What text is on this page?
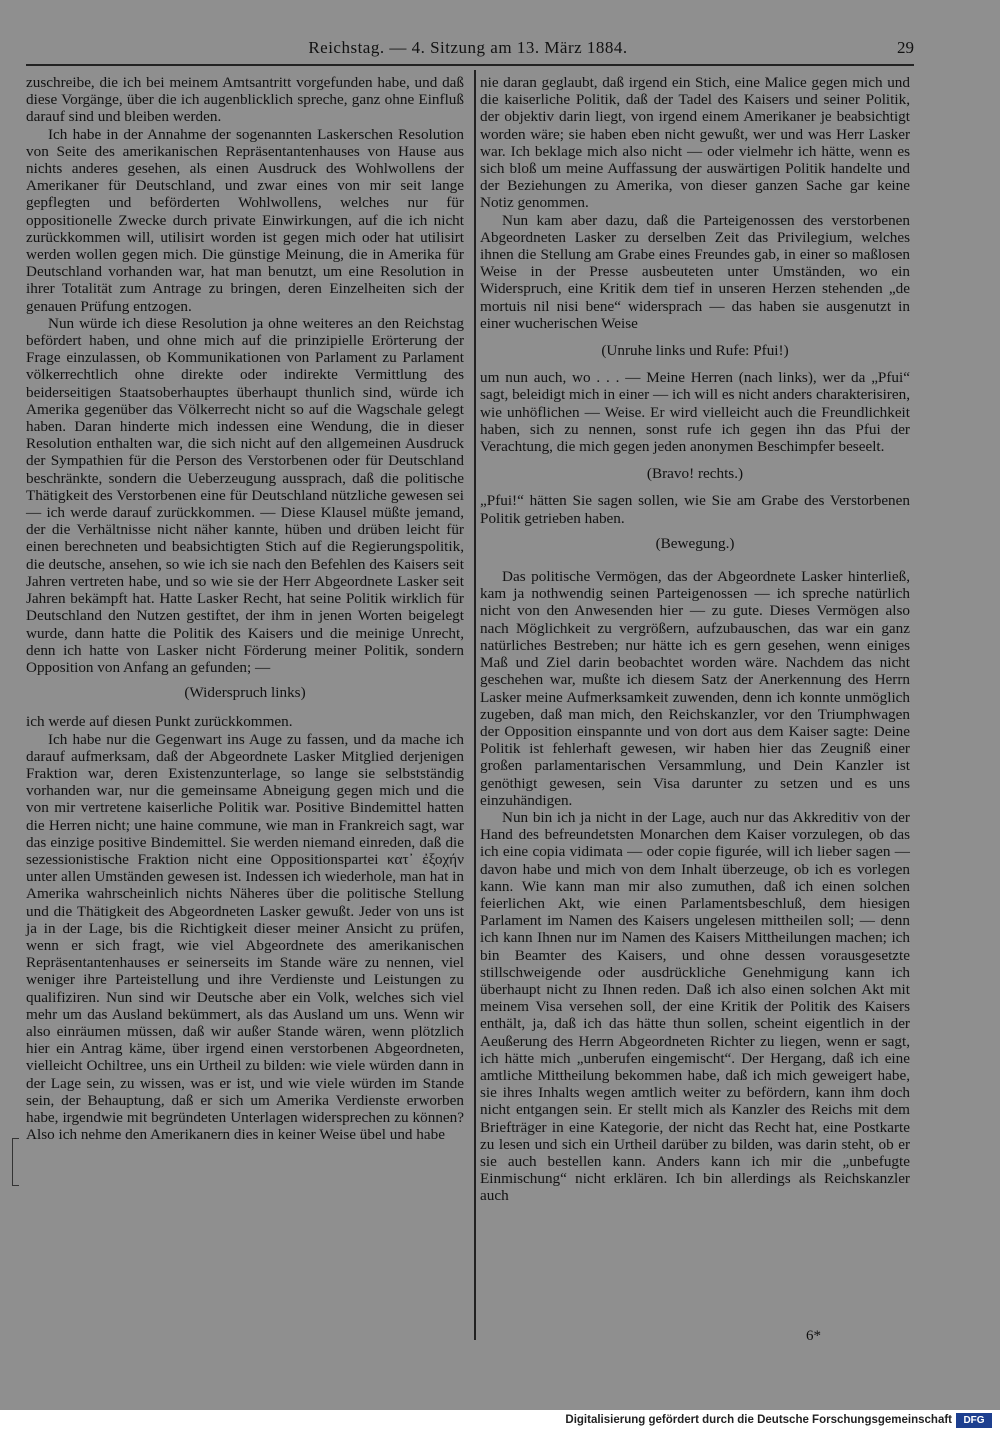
Reichstag. — 4. Sitzung am 13. März 1884.	29

zuschreibe, die ich bei meinem Amtsantritt vorgefunden habe, und daß diese Vorgänge, über die ich augenblicklich spreche, ganz ohne Einfluß darauf sind und bleiben werden.

Ich habe in der Annahme der sogenannten Laskerschen Resolution von Seite des amerikanischen Repräsentantenhauses von Hause aus nichts anderes gesehen, als einen Ausdruck des Wohlwollens der Amerikaner für Deutschland, und zwar eines von mir seit lange gepflegten und beförderten Wohlwollens, welches nur für oppositionelle Zwecke durch private Einwirkungen, auf die ich nicht zurückkommen will, utilisirt worden ist gegen mich oder hat utilisirt werden wollen gegen mich. Die günstige Meinung, die in Amerika für Deutschland vorhanden war, hat man benutzt, um eine Resolution in ihrer Totalität zum Antrage zu bringen, deren Einzelheiten sich der genauen Prüfung entzogen.

Nun würde ich diese Resolution ja ohne weiteres an den Reichstag befördert haben, und ohne mich auf die prinzipielle Erörterung der Frage einzulassen, ob Kommunikationen von Parlament zu Parlament völkerrechtlich ohne direkte oder indirekte Vermittlung des beiderseitigen Staatsoberhauptes überhaupt thunlich sind, würde ich Amerika gegenüber das Völkerrecht nicht so auf die Wagschale gelegt haben. Daran hinderte mich indessen eine Wendung, die in dieser Resolution enthalten war, die sich nicht auf den allgemeinen Ausdruck der Sympathien für die Person des Verstorbenen oder für Deutschland beschränkte, sondern die Ueberzeugung aussprach, daß die politische Thätigkeit des Verstorbenen eine für Deutschland nützliche gewesen sei — ich werde darauf zurückkommen. — Diese Klausel müßte jemand, der die Verhältnisse nicht näher kannte, hüben und drüben leicht für einen berechneten und beabsichtigten Stich auf die Regierungspolitik, die deutsche, ansehen, so wie ich sie nach den Befehlen des Kaisers seit Jahren vertreten habe, und so wie sie der Herr Abgeordnete Lasker seit Jahren bekämpft hat. Hatte Lasker Recht, hat seine Politik wirklich für Deutschland den Nutzen gestiftet, der ihm in jenen Worten beigelegt wurde, dann hatte die Politik des Kaisers und die meinige Unrecht, denn ich hatte von Lasker nicht Förderung meiner Politik, sondern Opposition von Anfang an gefunden; —

(Widerspruch links)

ich werde auf diesen Punkt zurückkommen.

Ich habe nur die Gegenwart ins Auge zu fassen, und da mache ich darauf aufmerksam, daß der Abgeordnete Lasker Mitglied derjenigen Fraktion war, deren Existenzunterlage, so lange sie selbstständig vorhanden war, nur die gemeinsame Abneigung gegen mich und die von mir vertretene kaiserliche Politik war. Positive Bindemittel hatten die Herren nicht; une haine commune, wie man in Frankreich sagt, war das einzige positive Bindemittel. Sie werden niemand einreden, daß die sezessionistische Fraktion nicht eine Oppositionspartei κατ᾽ ἐξοχήν unter allen Umständen gewesen ist. Indessen ich wiederhole, man hat in Amerika wahrscheinlich nichts Näheres über die politische Stellung und die Thätigkeit des Abgeordneten Lasker gewußt. Jeder von uns ist ja in der Lage, bis die Richtigkeit dieser meiner Ansicht zu prüfen, wenn er sich fragt, wie viel Abgeordnete des amerikanischen Repräsentantenhauses er seinerseits im Stande wäre zu nennen, viel weniger ihre Parteistellung und ihre Verdienste und Leistungen zu qualifiziren. Nun sind wir Deutsche aber ein Volk, welches sich viel mehr um das Ausland bekümmert, als das Ausland um uns. Wenn wir also einräumen müssen, daß wir außer Stande wären, wenn plötzlich hier ein Antrag käme, über irgend einen verstorbenen Abgeordneten, vielleicht Ochiltree, uns ein Urtheil zu bilden: wie viele würden dann in der Lage sein, zu wissen, was er ist, und wie viele würden im Stande sein, der Behauptung, daß er sich um Amerika Verdienste erworben habe, irgendwie mit begründeten Unterlagen widersprechen zu können? Also ich nehme den Amerikanern dies in keiner Weise übel und habe

nie daran geglaubt, daß irgend ein Stich, eine Malice gegen mich und die kaiserliche Politik, daß der Tadel des Kaisers und seiner Politik, der objektiv darin liegt, von irgend einem Amerikaner je beabsichtigt worden wäre; sie haben eben nicht gewußt, wer und was Herr Lasker war. Ich beklage mich also nicht — oder vielmehr ich hätte, wenn es sich bloß um meine Auffassung der auswärtigen Politik handelte und der Beziehungen zu Amerika, von dieser ganzen Sache gar keine Notiz genommen.

Nun kam aber dazu, daß die Parteigenossen des verstorbenen Abgeordneten Lasker zu derselben Zeit das Privilegium, welches ihnen die Stellung am Grabe eines Freundes gab, in einer so maßlosen Weise in der Presse ausbeuteten unter Umständen, wo ein Widerspruch, eine Kritik dem tief in unseren Herzen stehenden „de mortuis nil nisi bene“ widersprach — das haben sie ausgenutzt in einer wucherischen Weise

(Unruhe links und Rufe: Pfui!)

um nun auch, wo . . . — Meine Herren (nach links), wer da „Pfui“ sagt, beleidigt mich in einer — ich will es nicht anders charakterisiren, wie unhöflichen — Weise. Er wird vielleicht auch die Freundlichkeit haben, sich zu nennen, sonst rufe ich gegen ihn das Pfui der Verachtung, die mich gegen jeden anonymen Beschimpfer beseelt.

(Bravo! rechts.)

„Pfui!“ hätten Sie sagen sollen, wie Sie am Grabe des Verstorbenen Politik getrieben haben.

(Bewegung.)

Das politische Vermögen, das der Abgeordnete Lasker hinterließ, kam ja nothwendig seinen Parteigenossen — ich spreche natürlich nicht von den Anwesenden hier — zu gute. Dieses Vermögen also nach Möglichkeit zu vergrößern, aufzubauschen, das war ein ganz natürliches Bestreben; nur hätte ich es gern gesehen, wenn einiges Maß und Ziel darin beobachtet worden wäre. Nachdem das nicht geschehen war, mußte ich diesem Satz der Anerkennung des Herrn Lasker meine Aufmerksamkeit zuwenden, denn ich konnte unmöglich zugeben, daß man mich, den Reichskanzler, vor den Triumphwagen der Opposition einspannte und von dort aus dem Kaiser sagte: Deine Politik ist fehlerhaft gewesen, wir haben hier das Zeugniß einer großen parlamentarischen Versammlung, und Dein Kanzler ist genöthigt gewesen, sein Visa darunter zu setzen und es uns einzuhändigen.

Nun bin ich ja nicht in der Lage, auch nur das Akkreditiv von der Hand des befreundetsten Monarchen dem Kaiser vorzulegen, ob das ich eine copia vidimata — oder copie figurée, will ich lieber sagen — davon habe und mich von dem Inhalt überzeuge, ob ich es vorlegen kann. Wie kann man mir also zumuthen, daß ich einen solchen feierlichen Akt, wie einen Parlamentsbeschluß, dem hiesigen Parlament im Namen des Kaisers ungelesen mittheilen soll; — denn ich kann Ihnen nur im Namen des Kaisers Mittheilungen machen; ich bin Beamter des Kaisers, und ohne dessen vorausgesetzte stillschweigende oder ausdrückliche Genehmigung kann ich überhaupt nicht zu Ihnen reden. Daß ich also einen solchen Akt mit meinem Visa versehen soll, der eine Kritik der Politik des Kaisers enthält, ja, daß ich das hätte thun sollen, scheint eigentlich in der Aeußerung des Herrn Abgeordneten Richter zu liegen, wenn er sagt, ich hätte mich „unberufen eingemischt“. Der Hergang, daß ich eine amtliche Mittheilung bekommen habe, daß ich mich geweigert habe, sie ihres Inhalts wegen amtlich weiter zu befördern, kann ihm doch nicht entgangen sein. Er stellt mich als Kanzler des Reichs mit dem Briefträger in eine Kategorie, der nicht das Recht hat, eine Postkarte zu lesen und sich ein Urtheil darüber zu bilden, was darin steht, ob er sie auch bestellen kann. Anders kann ich mir die „unbefugte Einmischung“ nicht erklären. Ich bin allerdings als Reichskanzler auch

6*
Digitalisierung gefördert durch die Deutsche Forschungsgemeinschaft	DFG
